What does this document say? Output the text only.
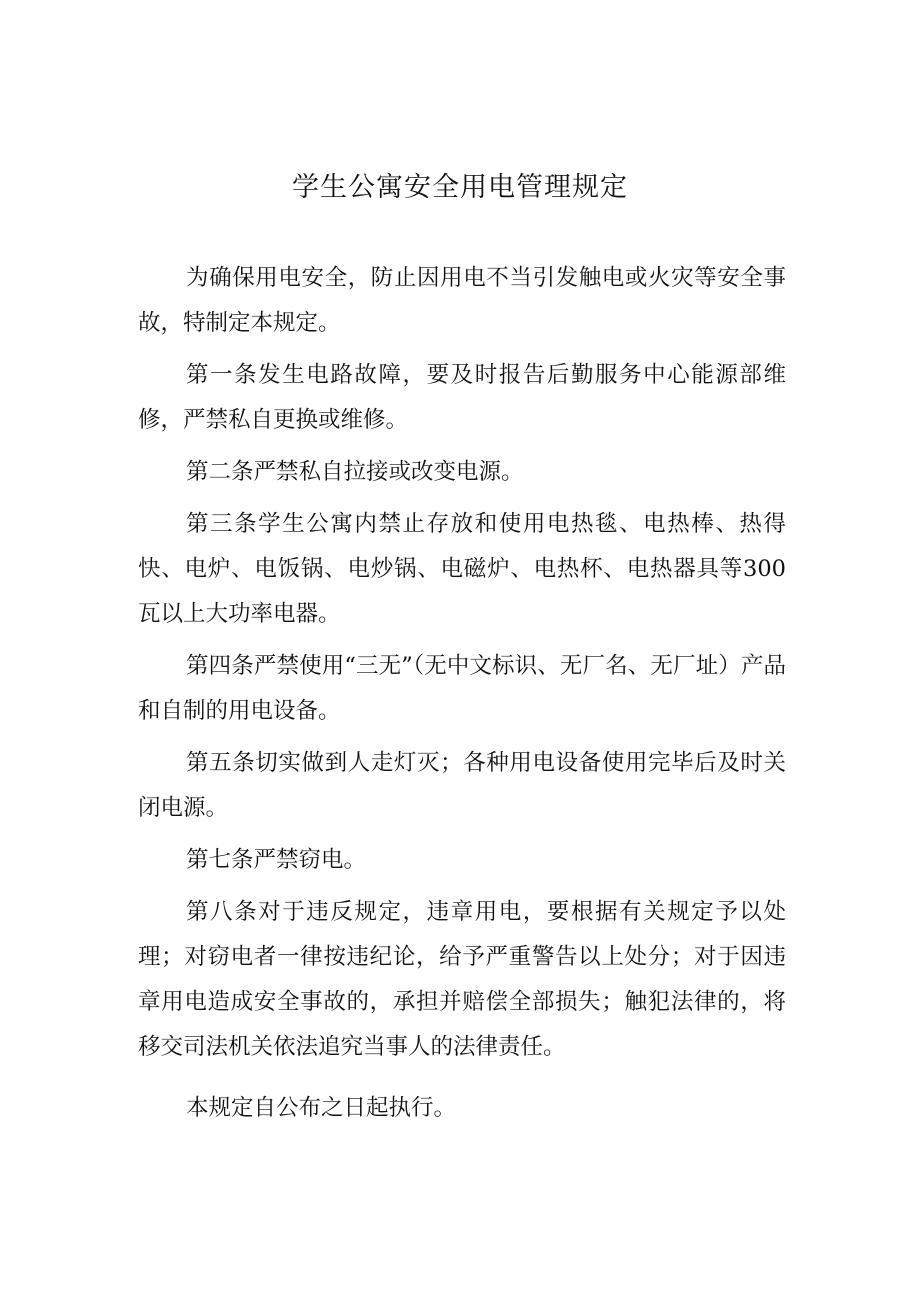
学生公寓安全用电管理规定

为确保用电安全，防止因用电不当引发触电或火灾等安全事故，特制定本规定。

第一条发生电路故障，要及时报告后勤服务中心能源部维修，严禁私自更换或维修。

第二条严禁私自拉接或改变电源。

第三条学生公寓内禁止存放和使用电热毯、电热棒、热得快、电炉、电饭锅、电炒锅、电磁炉、电热杯、电热器具等300瓦以上大功率电器。

第四条严禁使用“三无”（无中文标识、无厂名、无厂址）产品和自制的用电设备。

第五条切实做到人走灯灭；各种用电设备使用完毕后及时关闭电源。

第七条严禁窃电。

第八条对于违反规定，违章用电，要根据有关规定予以处理；对窃电者一律按违纪论，给予严重警告以上处分；对于因违章用电造成安全事故的，承担并赔偿全部损失；触犯法律的，将移交司法机关依法追究当事人的法律责任。

本规定自公布之日起执行。
